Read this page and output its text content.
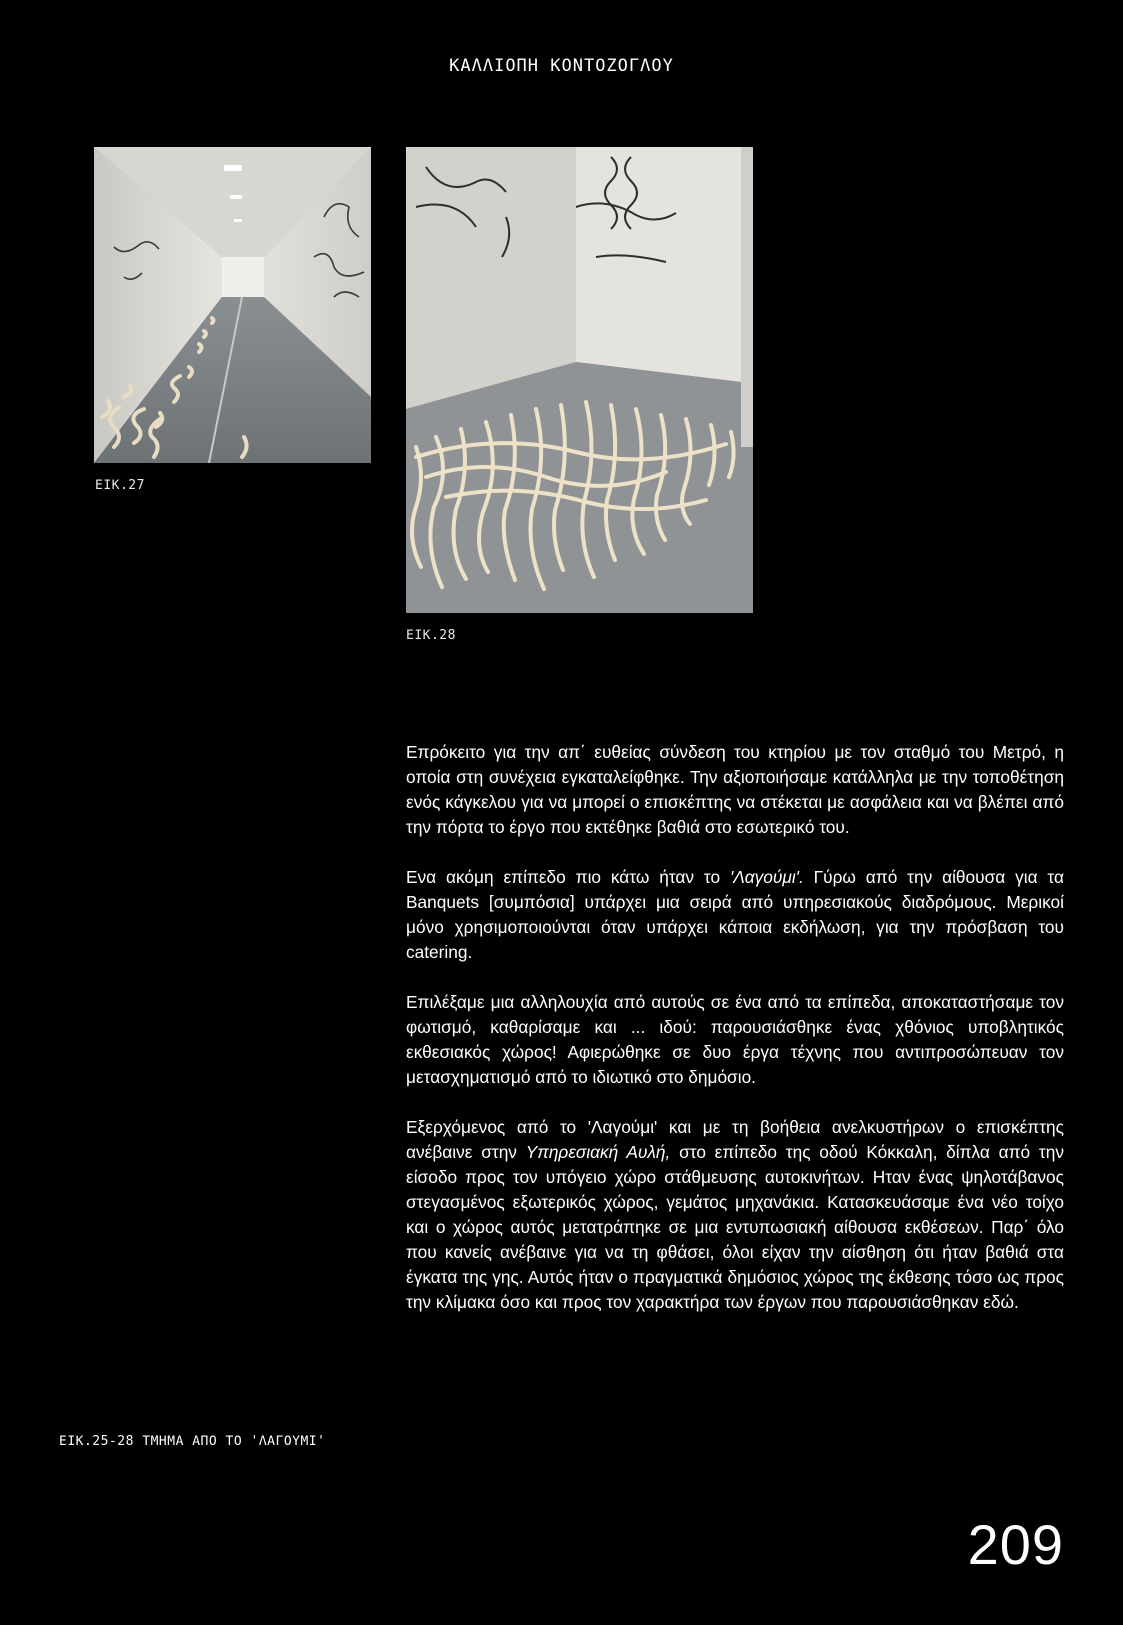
ΚΑΛΛΙΟΠΗ ΚΟΝΤΟΖΟΓΛΟΥ
ΕΙΚ.27
ΕΙΚ.28

Επρόκειτο για την απ΄ ευθείας σύνδεση του κτηρίου με τον σταθμό του Μετρό, η οποία στη συνέχεια εγκαταλείφθηκε. Την αξιοποιήσαμε κατάλληλα με την τοποθέτηση ενός κάγκελου για να μπορεί ο επισκέπτης να στέκεται με ασφάλεια και να βλέπει από την πόρτα το έργο που εκτέθηκε βαθιά στο εσωτερικό του.

Ενα ακόμη επίπεδο πιο κάτω ήταν το 'Λαγούμι'. Γύρω από την αίθουσα για τα Banquets [συμπόσια] υπάρχει μια σειρά από υπηρεσιακούς διαδρόμους. Μερικοί μόνο χρησιμοποιούνται όταν υπάρχει κάποια εκδήλωση, για την πρόσβαση του catering.

Επιλέξαμε μια αλληλουχία από αυτούς σε ένα από τα επίπεδα, αποκαταστήσαμε τον φωτισμό, καθαρίσαμε και ... ιδού: παρουσιάσθηκε ένας χθόνιος υποβλητικός εκθεσιακός χώρος! Αφιερώθηκε σε δυο έργα τέχνης που αντιπροσώπευαν τον μετασχηματισμό από το ιδιωτικό στο δημόσιο.

Εξερχόμενος από το 'Λαγούμι' και με τη βοήθεια ανελκυστήρων ο επισκέπτης ανέβαινε στην Υπηρεσιακή Αυλή, στο επίπεδο της οδού Κόκκαλη, δίπλα από την είσοδο προς τον υπόγειο χώρο στάθμευσης αυτοκινήτων. Ηταν ένας ψηλοτάβανος στεγασμένος εξωτερικός χώρος, γεμάτος μηχανάκια. Κατασκευάσαμε ένα νέο τοίχο και ο χώρος αυτός μετατράπηκε σε μια εντυπωσιακή αίθουσα εκθέσεων. Παρ΄ όλο που κανείς ανέβαινε για να τη φθάσει, όλοι είχαν την αίσθηση ότι ήταν βαθιά στα έγκατα της γης. Αυτός ήταν ο πραγματικά δημόσιος χώρος της έκθεσης τόσο ως προς την κλίμακα όσο και προς τον χαρακτήρα των έργων που παρουσιάσθηκαν εδώ.

ΕΙΚ.25-28 ΤΜΗΜΑ ΑΠΟ ΤΟ 'ΛΑΓΟΥΜΙ'
209
